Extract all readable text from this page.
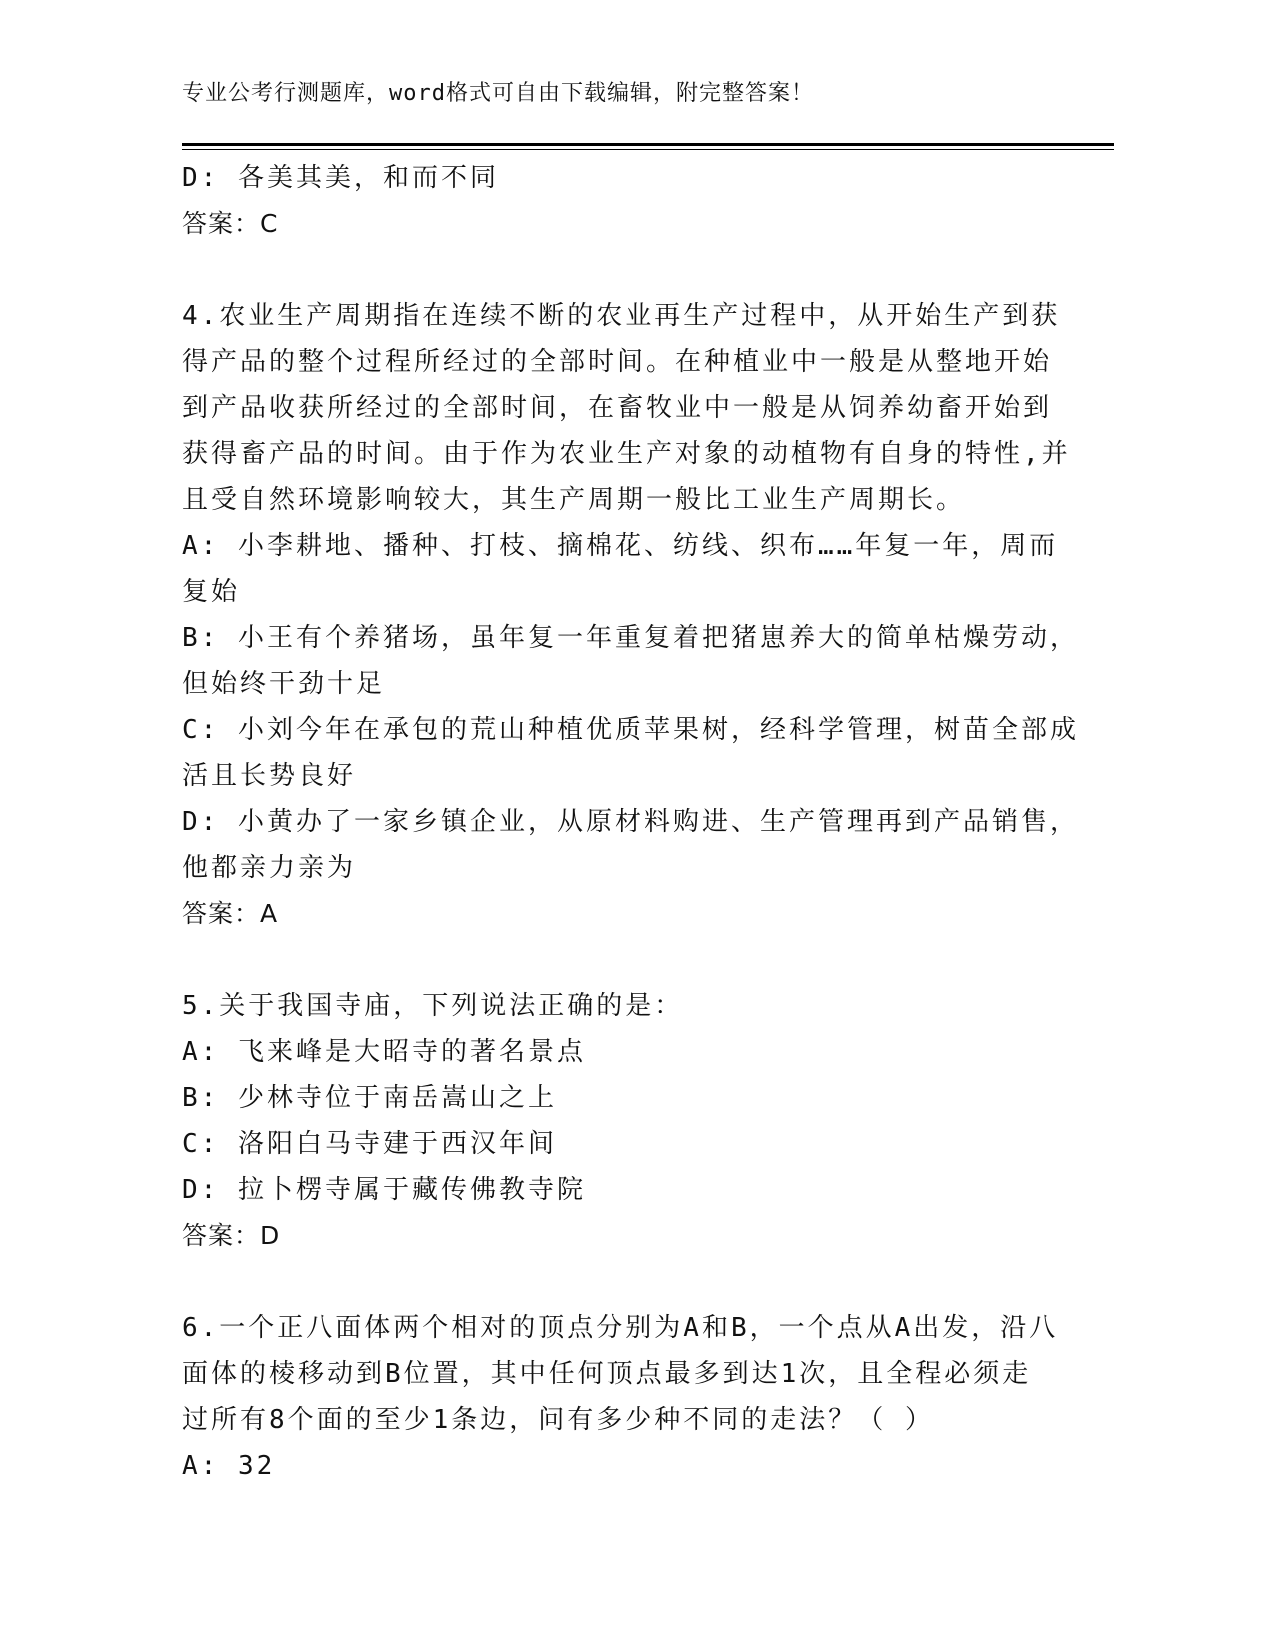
专业公考行测题库，word格式可自由下载编辑，附完整答案！
D: 各美其美，和而不同
答案：C
4.农业生产周期指在连续不断的农业再生产过程中，从开始生产到获
得产品的整个过程所经过的全部时间。在种植业中一般是从整地开始
到产品收获所经过的全部时间，在畜牧业中一般是从饲养幼畜开始到
获得畜产品的时间。由于作为农业生产对象的动植物有自身的特性,并
且受自然环境影响较大，其生产周期一般比工业生产周期长。
A: 小李耕地、播种、打枝、摘棉花、纺线、织布……年复一年，周而
复始
B: 小王有个养猪场，虽年复一年重复着把猪崽养大的简单枯燥劳动，
但始终干劲十足
C: 小刘今年在承包的荒山种植优质苹果树，经科学管理，树苗全部成
活且长势良好
D: 小黄办了一家乡镇企业，从原材料购进、生产管理再到产品销售，
他都亲力亲为
答案：A
5.关于我国寺庙，下列说法正确的是：
A: 飞来峰是大昭寺的著名景点
B: 少林寺位于南岳嵩山之上
C: 洛阳白马寺建于西汉年间
D: 拉卜楞寺属于藏传佛教寺院
答案：D
6.一个正八面体两个相对的顶点分别为A和B，一个点从A出发，沿八
面体的棱移动到B位置，其中任何顶点最多到达1次，且全程必须走
过所有8个面的至少1条边，问有多少种不同的走法？（ ）
A: 32
